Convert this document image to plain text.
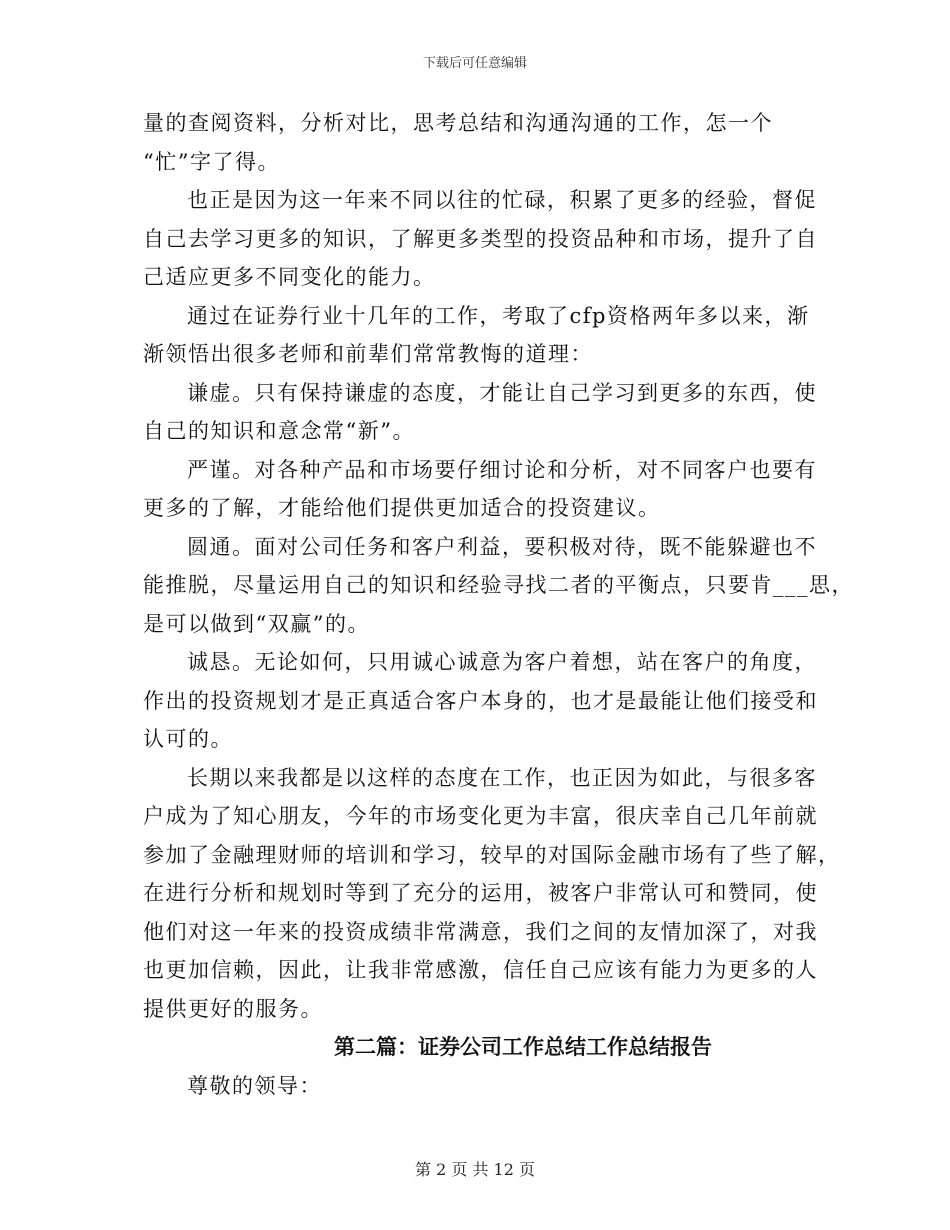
下载后可任意编辑
量的查阅资料，分析对比，思考总结和沟通沟通的工作，怎一个
“忙”字了得。
也正是因为这一年来不同以往的忙碌，积累了更多的经验，督促
自己去学习更多的知识，了解更多类型的投资品种和市场，提升了自
己适应更多不同变化的能力。
通过在证券行业十几年的工作，考取了cfp资格两年多以来，渐
渐领悟出很多老师和前辈们常常教悔的道理：
谦虚。只有保持谦虚的态度，才能让自己学习到更多的东西，使
自己的知识和意念常“新”。
严谨。对各种产品和市场要仔细讨论和分析，对不同客户也要有
更多的了解，才能给他们提供更加适合的投资建议。
圆通。面对公司任务和客户利益，要积极对待，既不能躲避也不
能推脱，尽量运用自己的知识和经验寻找二者的平衡点，只要肯___思，
是可以做到“双赢”的。
诚恳。无论如何，只用诚心诚意为客户着想，站在客户的角度，
作出的投资规划才是正真适合客户本身的，也才是最能让他们接受和
认可的。
长期以来我都是以这样的态度在工作，也正因为如此，与很多客
户成为了知心朋友，今年的市场变化更为丰富，很庆幸自己几年前就
参加了金融理财师的培训和学习，较早的对国际金融市场有了些了解，
在进行分析和规划时等到了充分的运用，被客户非常认可和赞同，使
他们对这一年来的投资成绩非常满意，我们之间的友情加深了，对我
也更加信赖，因此，让我非常感激，信任自己应该有能力为更多的人
提供更好的服务。
第二篇：证券公司工作总结工作总结报告
尊敬的领导：
第 2 页 共 12 页
